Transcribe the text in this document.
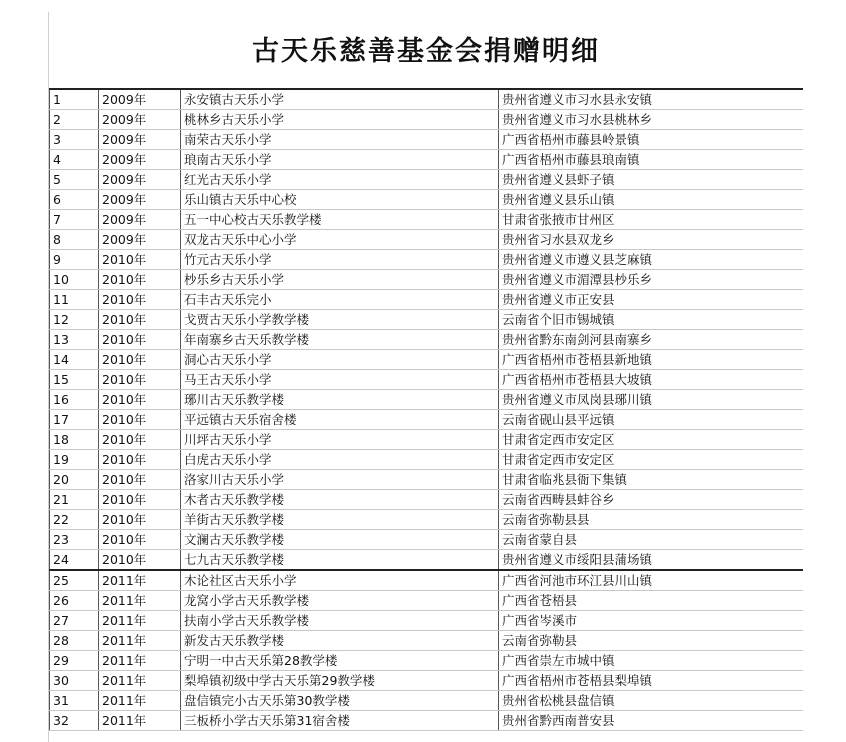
古天乐慈善基金会捐赠明细
1	2009年	永安镇古天乐小学	贵州省遵义市习水县永安镇
2	2009年	桃林乡古天乐小学	贵州省遵义市习水县桃林乡
3	2009年	南荣古天乐小学	广西省梧州市藤县岭景镇
4	2009年	琅南古天乐小学	广西省梧州市藤县琅南镇
5	2009年	红光古天乐小学	贵州省遵义县虾子镇
6	2009年	乐山镇古天乐中心校	贵州省遵义县乐山镇
7	2009年	五一中心校古天乐教学楼	甘肃省张掖市甘州区
8	2009年	双龙古天乐中心小学	贵州省习水县双龙乡
9	2010年	竹元古天乐小学	贵州省遵义市遵义县芝麻镇
10	2010年	杪乐乡古天乐小学	贵州省遵义市湄潭县杪乐乡
11	2010年	石丰古天乐完小	贵州省遵义市正安县
12	2010年	戈贾古天乐小学教学楼	云南省个旧市锡城镇
13	2010年	年南寨乡古天乐教学楼	贵州省黔东南剑河县南寨乡
14	2010年	洞心古天乐小学	广西省梧州市苍梧县新地镇
15	2010年	马王古天乐小学	广西省梧州市苍梧县大坡镇
16	2010年	琊川古天乐教学楼	贵州省遵义市凤岗县琊川镇
17	2010年	平远镇古天乐宿舍楼	云南省砚山县平远镇
18	2010年	川坪古天乐小学	甘肃省定西市安定区
19	2010年	白虎古天乐小学	甘肃省定西市安定区
20	2010年	洛家川古天乐小学	甘肃省临兆县衙下集镇
21	2010年	木者古天乐教学楼	云南省西畴县蚌谷乡
22	2010年	羊街古天乐教学楼	云南省弥勒县县
23	2010年	文澜古天乐教学楼	云南省蒙自县
24	2010年	七九古天乐教学楼	贵州省遵义市绥阳县蒲场镇
25	2011年	木论社区古天乐小学	广西省河池市环江县川山镇
26	2011年	龙窝小学古天乐教学楼	广西省苍梧县
27	2011年	扶南小学古天乐教学楼	广西省岑溪市
28	2011年	新发古天乐教学楼	云南省弥勒县
29	2011年	宁明一中古天乐第28教学楼	广西省崇左市城中镇
30	2011年	梨埠镇初级中学古天乐第29教学楼	广西省梧州市苍梧县梨埠镇
31	2011年	盘信镇完小古天乐第30教学楼	贵州省松桃县盘信镇
32	2011年	三板桥小学古天乐第31宿舍楼	贵州省黔西南普安县
